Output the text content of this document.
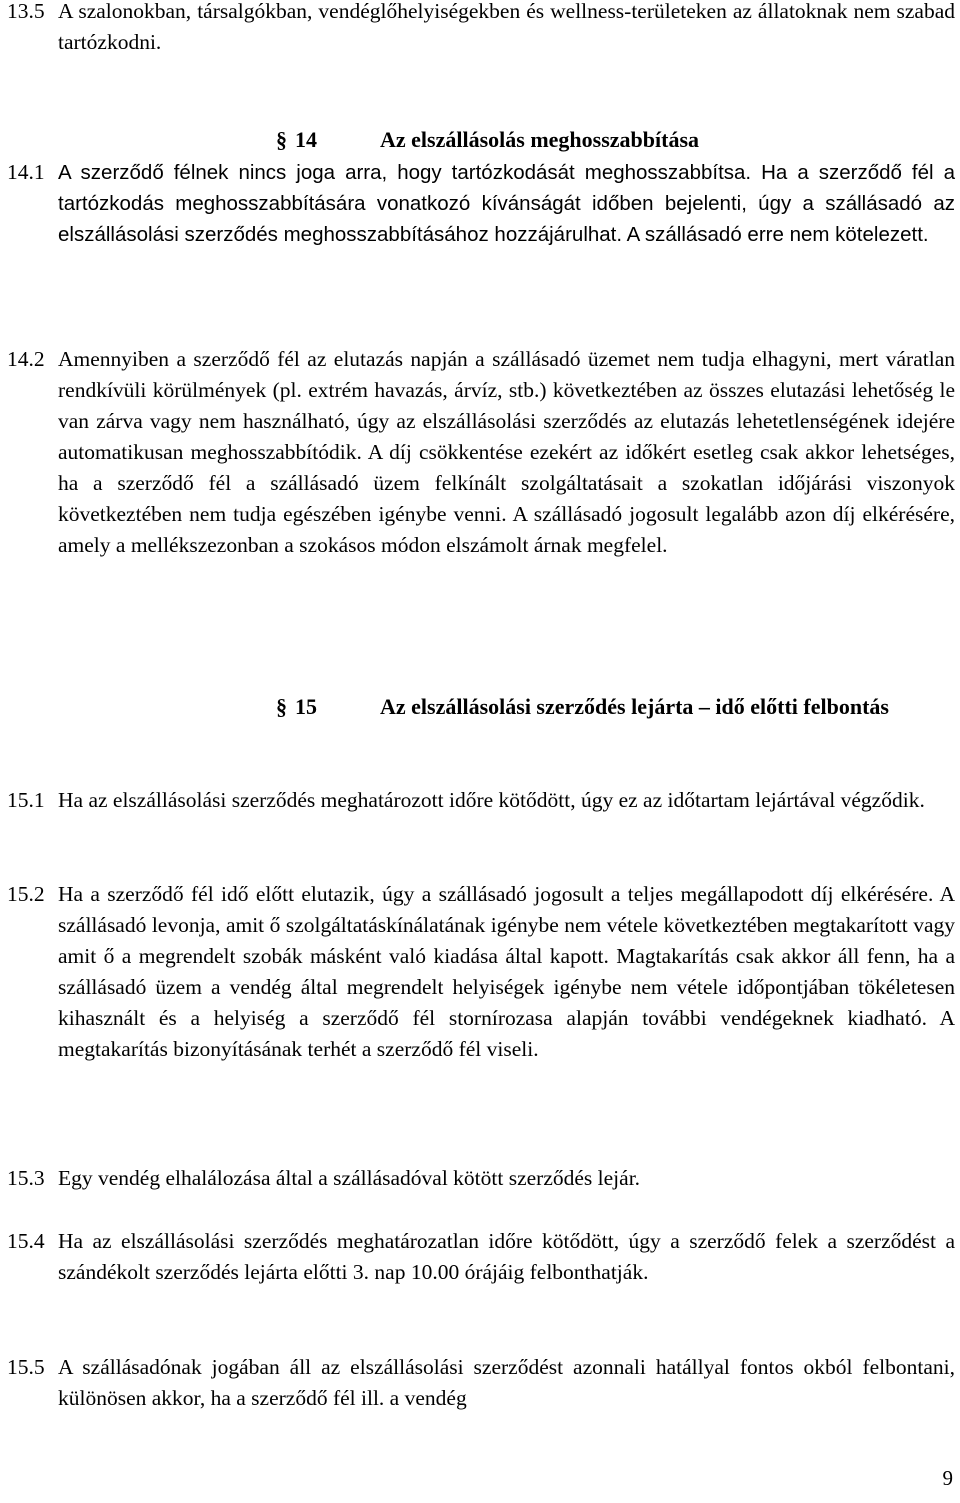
13.5 A szalonokban, társalgókban, vendéglőhelyiségekben és wellness-területeken az állatoknak nem szabad tartózkodni.
§ 14	Az elszállásolás meghosszabbítása
14.1 A szerződő félnek nincs joga arra, hogy tartózkodását meghosszabbítsa. Ha a szerződő fél a tartózkodás meghosszabbítására vonatkozó kívánságát időben bejelenti, úgy a szállásadó az elszállásolási szerződés meghosszabbításához hozzájárulhat. A szállásadó erre nem kötelezett.
14.2 Amennyiben a szerződő fél az elutazás napján a szállásadó üzemet nem tudja elhagyni, mert váratlan rendkívüli körülmények (pl. extrém havazás, árvíz, stb.) következtében az összes elutazási lehetőség le van zárva vagy nem használható, úgy az elszállásolási szerződés az elutazás lehetetlenségének idejére automatikusan meghosszabbítódik. A díj csökkentése ezekért az időkért esetleg csak akkor lehetséges, ha a szerződő fél a szállásadó üzem felkínált szolgáltatásait a szokatlan időjárási viszonyok következtében nem tudja egészében igénybe venni. A szállásadó jogosult legalább azon díj elkérésére, amely a mellékszezonban a szokásos módon elszámolt árnak megfelel.
§ 15	Az elszállásolási szerződés lejárta – idő előtti felbontás
15.1 Ha az elszállásolási szerződés meghatározott időre kötődött, úgy ez az időtartam lejártával végződik.
15.2 Ha a szerződő fél idő előtt elutazik, úgy a szállásadó jogosult a teljes megállapodott díj elkérésére. A szállásadó levonja, amit ő szolgáltatáskínálatának igénybe nem vétele következtében megtakarított vagy amit ő a megrendelt szobák másként való kiadása által kapott. Magtakarítás csak akkor áll fenn, ha a szállásadó üzem a vendég által megrendelt helyiségek igénybe nem vétele időpontjában tökéletesen kihasznált és a helyiség a szerződő fél stornírozasa alapján további vendégeknek kiadható. A megtakarítás bizonyításának terhét a szerződő fél viseli.
15.3 Egy vendég elhalálozása által a szállásadóval kötött szerződés lejár.
15.4 Ha az elszállásolási szerződés meghatározatlan időre kötődött, úgy a szerződő felek a szerződést a szándékolt szerződés lejárta előtti 3. nap 10.00 órájáig felbonthatják.
15.5 A szállásadónak jogában áll az elszállásolási szerződést azonnali hatállyal fontos okból felbontani, különösen akkor, ha a szerződő fél ill. a vendég
9
